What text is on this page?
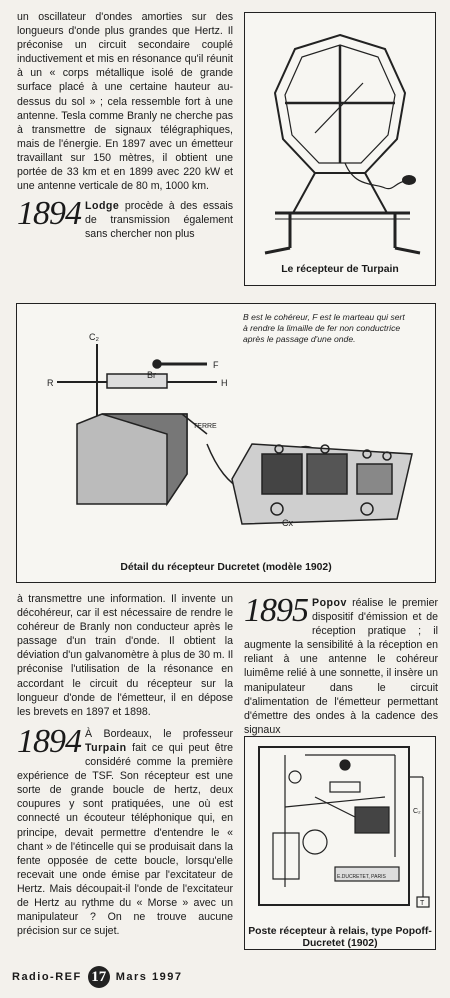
un oscillateur d'ondes amorties sur des longueurs d'onde plus grandes que Hertz. Il préconise un circuit secondaire couplé inductivement et mis en résonance qu'il réunit à un « corps métallique isolé de grande surface placé à une certaine hauteur au-dessus du sol » ; cela ressemble fort à une antenne. Tesla comme Branly ne cherche pas à transmettre de signaux télégraphiques, mais de l'énergie. En 1897 avec un émetteur travaillant sur 150 mètres, il obtient une portée de 33 km et en 1899 avec 220 kW et une antenne verticale de 80 m, 1000 km.

1894 Lodge procède à des essais de transmission également sans chercher non plus
Le récepteur de Turpain
C₂
Br
F
R	H
TERRE
Cx
B est le cohéreur, F est le marteau qui sert à rendre la limaille de fer non conductrice après le passage d'une onde.
Détail du récepteur Ducretet (modèle 1902)

à transmettre une information. Il invente un décohéreur, car il est nécessaire de rendre le cohéreur de Branly non conducteur après le passage d'un train d'onde. Il obtient la déviation d'un galvanomètre à plus de 30 m. Il préconise l'utilisation de la résonance en accordant le circuit du récepteur sur la longueur d'onde de l'émetteur, il en dépose les brevets en 1897 et 1898.

1894 À Bordeaux, le professeur Turpain fait ce qui peut être considéré comme la première expérience de TSF. Son récepteur est une sorte de grande boucle de hertz, deux coupures y sont pratiquées, une où est connecté un écouteur téléphonique qui, en principe, devait permettre d'entendre le « chant » de l'étincelle qui se produisait dans la fente opposée de cette boucle, lorsqu'elle recevait une onde émise par l'excitateur de Hertz. Mais découpait-il l'onde de l'excitateur de Hertz au rythme du « Morse » avec un manipulateur ? On ne trouve aucune précision sur ce sujet.
1895 Popov réalise le premier dispositif d'émission et de réception pratique ; il augmente la sensibilité à la réception en reliant à une antenne le cohéreur luimême relié à une sonnette, il insère un manipulateur dans le circuit d'alimentation de l'émetteur permettant d'émettre des ondes à la cadence des signaux
E.DUCRETET, PARIS
C₂
T
Poste récepteur à relais, type Popoff-Ducretet (1902)
Radio-REF 17 Mars 1997
